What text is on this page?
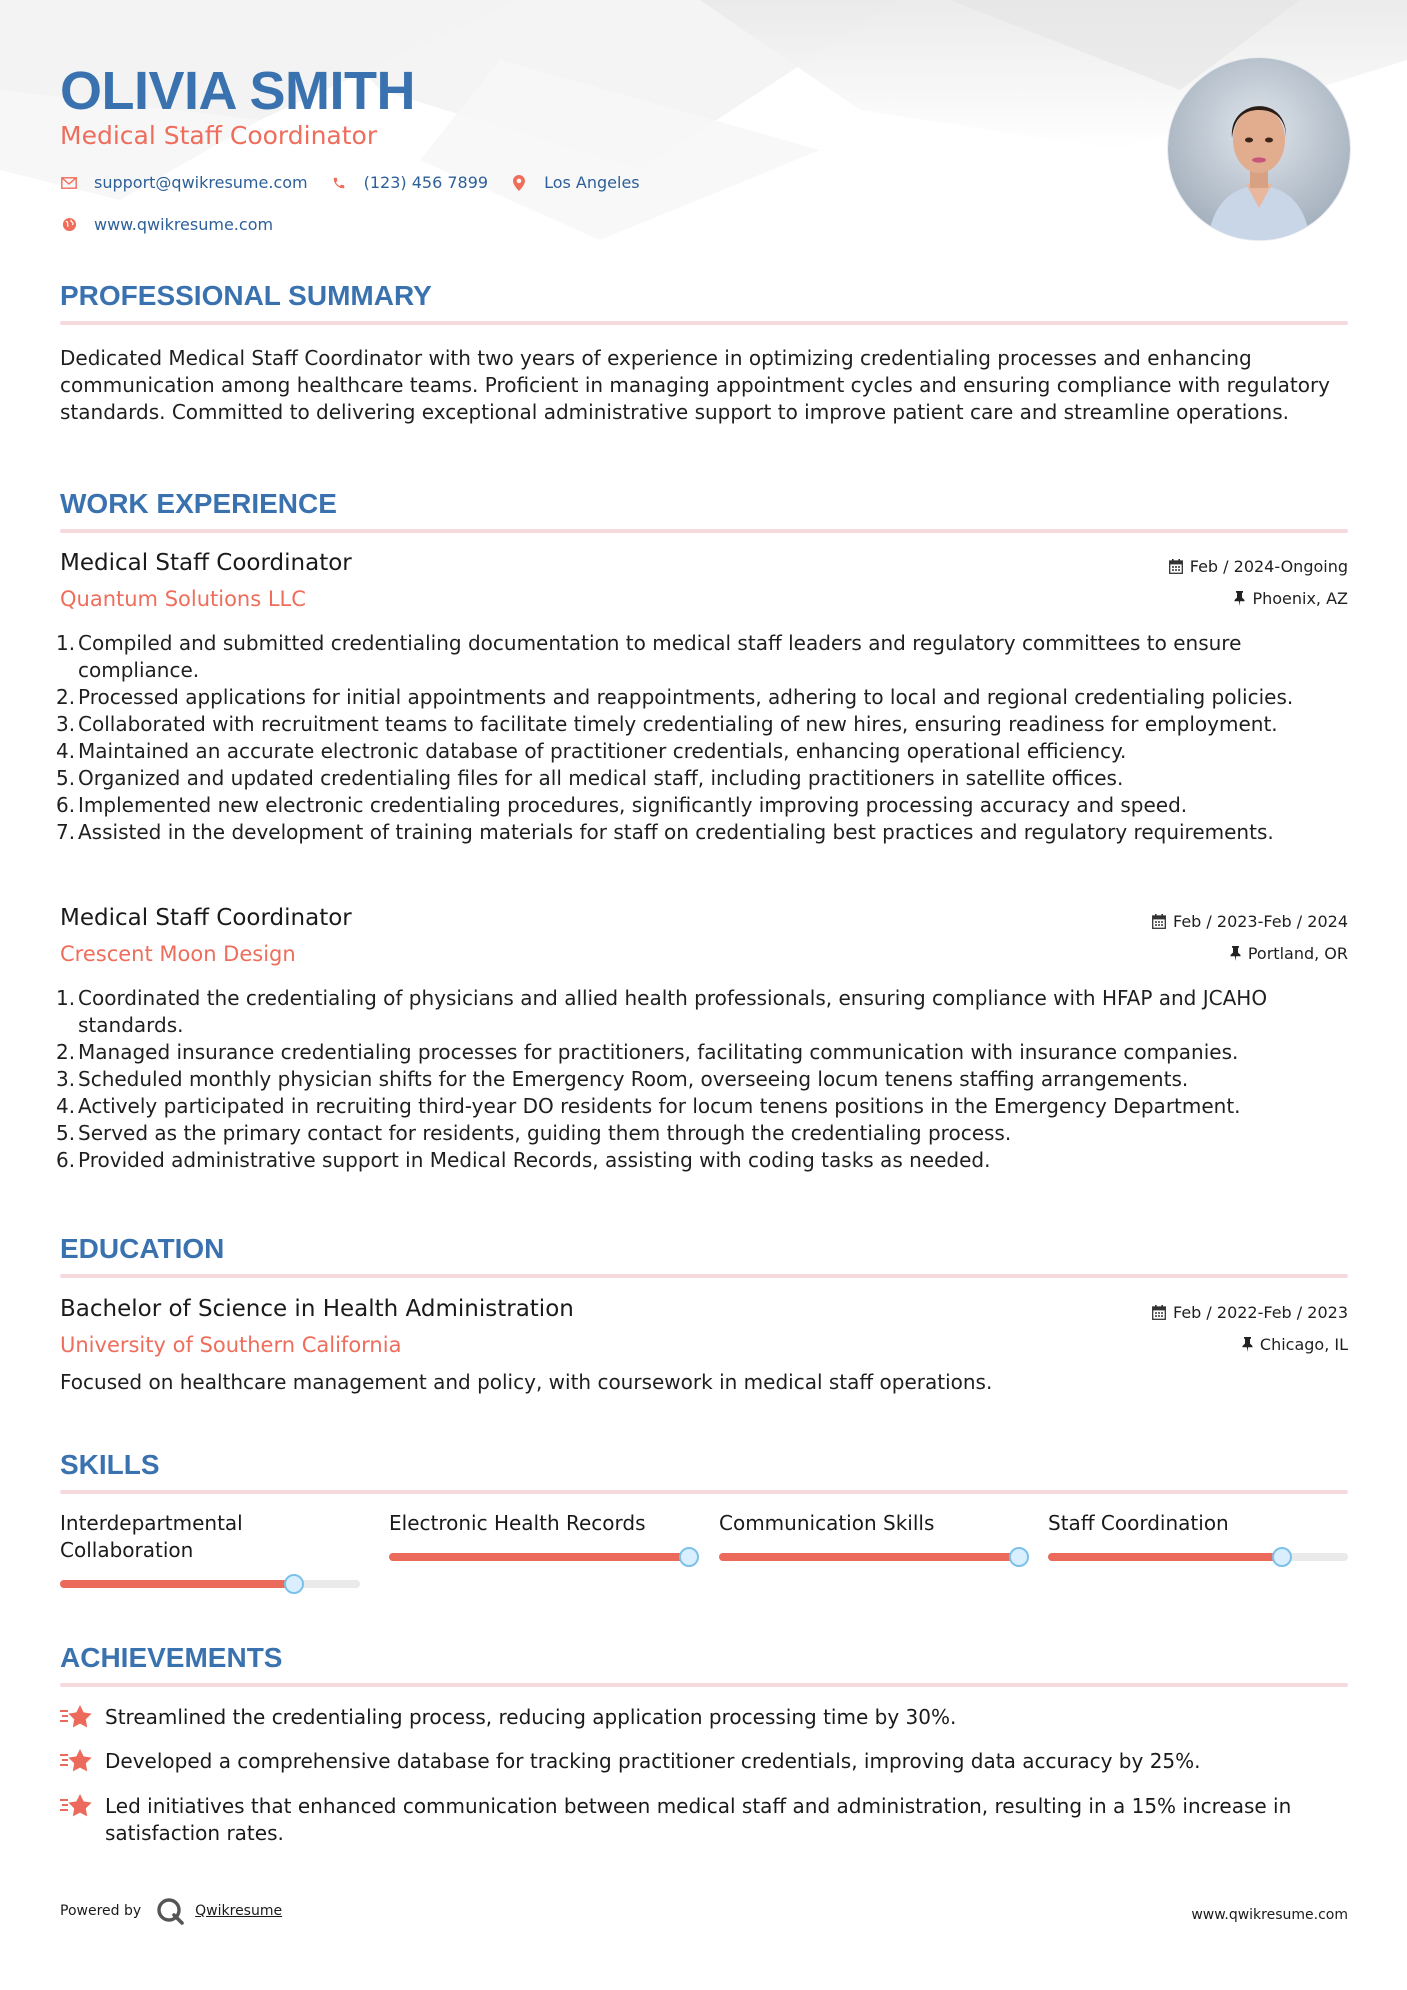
OLIVIA SMITH
Medical Staff Coordinator
support@qwikresume.com	(123) 456 7899	Los Angeles
www.qwikresume.com
PROFESSIONAL SUMMARY
Dedicated Medical Staff Coordinator with two years of experience in optimizing credentialing processes and enhancing communication among healthcare teams. Proficient in managing appointment cycles and ensuring compliance with regulatory standards. Committed to delivering exceptional administrative support to improve patient care and streamline operations.
WORK EXPERIENCE
Medical Staff Coordinator
Quantum Solutions LLC
Feb / 2024-Ongoing
Phoenix, AZ
1. Compiled and submitted credentialing documentation to medical staff leaders and regulatory committees to ensure compliance.
2. Processed applications for initial appointments and reappointments, adhering to local and regional credentialing policies.
3. Collaborated with recruitment teams to facilitate timely credentialing of new hires, ensuring readiness for employment.
4. Maintained an accurate electronic database of practitioner credentials, enhancing operational efficiency.
5. Organized and updated credentialing files for all medical staff, including practitioners in satellite offices.
6. Implemented new electronic credentialing procedures, significantly improving processing accuracy and speed.
7. Assisted in the development of training materials for staff on credentialing best practices and regulatory requirements.
Medical Staff Coordinator
Crescent Moon Design
Feb / 2023-Feb / 2024
Portland, OR
1. Coordinated the credentialing of physicians and allied health professionals, ensuring compliance with HFAP and JCAHO standards.
2. Managed insurance credentialing processes for practitioners, facilitating communication with insurance companies.
3. Scheduled monthly physician shifts for the Emergency Room, overseeing locum tenens staffing arrangements.
4. Actively participated in recruiting third-year DO residents for locum tenens positions in the Emergency Department.
5. Served as the primary contact for residents, guiding them through the credentialing process.
6. Provided administrative support in Medical Records, assisting with coding tasks as needed.
EDUCATION
Bachelor of Science in Health Administration
University of Southern California
Feb / 2022-Feb / 2023
Chicago, IL
Focused on healthcare management and policy, with coursework in medical staff operations.
SKILLS
Interdepartmental Collaboration
Electronic Health Records	Communication Skills	Staff Coordination
ACHIEVEMENTS
Streamlined the credentialing process, reducing application processing time by 30%.
Developed a comprehensive database for tracking practitioner credentials, improving data accuracy by 25%.
Led initiatives that enhanced communication between medical staff and administration, resulting in a 15% increase in satisfaction rates.
Powered by	Qwikresume	www.qwikresume.com
